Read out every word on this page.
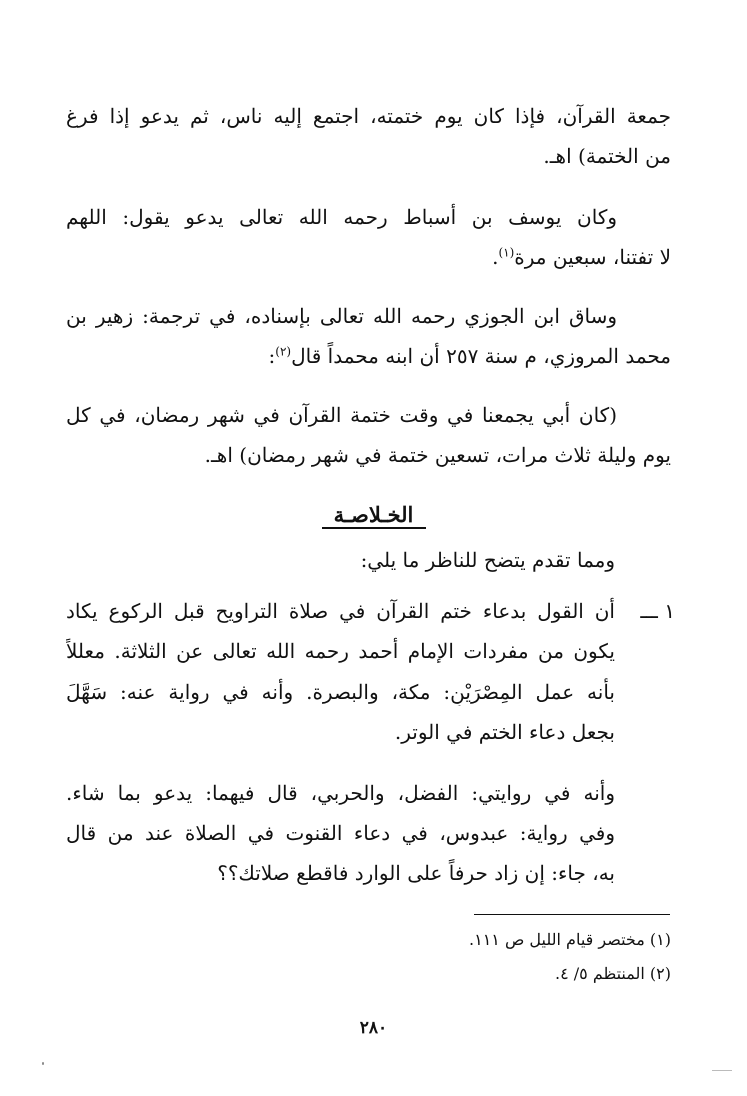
جمعة القرآن، فإذا كان يوم ختمته، اجتمع إليه ناس، ثم يدعو إذا فرغ
من الختمة) اهـ.
وكان يوسف بن أسباط رحمه الله تعالى يدعو يقول: اللهم
لا تفتنا، سبعين مرة$^{(١)}$.
وساق ابن الجوزي رحمه الله تعالى بإسناده، في ترجمة: زهير بن
محمد المروزي، م سنة ٢٥٧ أن ابنه محمداً قال$^{(٢)}$:
(كان أبي يجمعنا في وقت ختمة القرآن في شهر رمضان، في كل
يوم وليلة ثلاث مرات، تسعين ختمة في شهر رمضان) اهـ.
الخـلاصـة
ومما تقدم يتضح للناظر ما يلي:
١ ـــ
أن القول بدعاء ختم القرآن في صلاة التراويح قبل الركوع يكاد
يكون من مفردات الإمام أحمد رحمه الله تعالى عن الثلاثة. معللاً
بأنه عمل المِصْرَيْنِ: مكة، والبصرة. وأنه في رواية عنه: سَهَّلَ
بجعل دعاء الختم في الوتر.
وأنه في روايتي: الفضل، والحربي، قال فيهما: يدعو بما شاء.
وفي رواية: عبدوس، في دعاء القنوت في الصلاة عند من قال
به، جاء: إن زاد حرفاً على الوارد فاقطع صلاتك؟؟
(١) مختصر قيام الليل ص ١١١.
(٢) المنتظم ٥/ ٤.
٢٨٠
